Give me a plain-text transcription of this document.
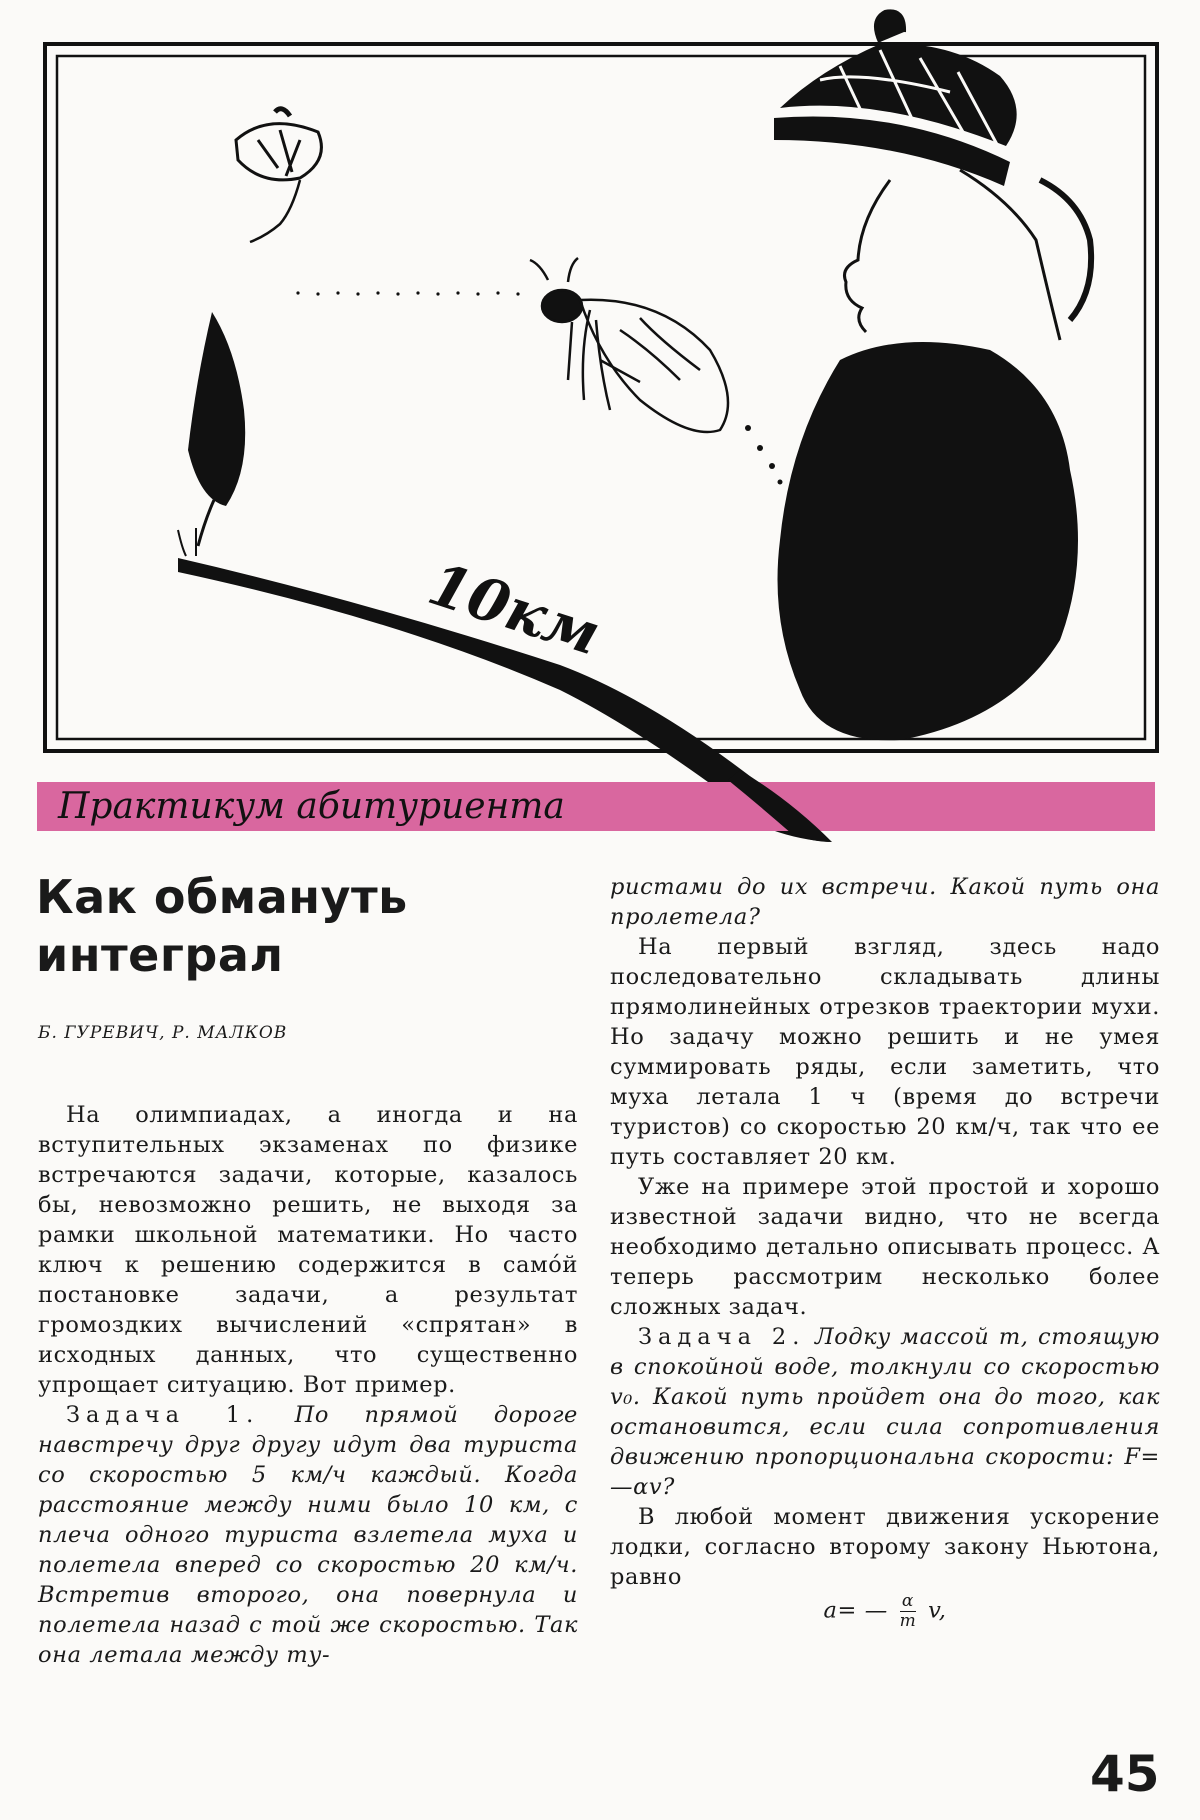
10км
Практикум абитуриента
Как обмануть
интеграл

Б. ГУРЕВИЧ, Р. МАЛКОВ

На олимпиадах, а иногда и на вступительных экзаменах по физике встречаются задачи, которые, казалось бы, невозможно решить, не выходя за рамки школьной математики. Но часто ключ к решению содержится в само́й постановке задачи, а результат громоздких вычислений «спрятан» в исходных данных, что существенно упрощает ситуацию. Вот пример.

Задача 1. По прямой дороге навстречу друг другу идут два туриста со скоростью 5 км/ч каждый. Когда расстояние между ними было 10 км, с плеча одного туриста взлетела муха и полетела вперед со скоростью 20 км/ч. Встретив второго, она повернула и полетела назад с той же скоростью. Так она летала между ту-

ристами до их встречи. Какой путь она пролетела?

На первый взгляд, здесь надо последовательно складывать длины прямолинейных отрезков траектории мухи. Но задачу можно решить и не умея суммировать ряды, если заметить, что муха летала 1 ч (время до встречи туристов) со скоростью 20 км/ч, так что ее путь составляет 20 км.

Уже на примере этой простой и хорошо известной задачи видно, что не всегда необходимо детально описывать процесс. А теперь рассмотрим несколько более сложных задач.

Задача 2. Лодку массой m, стоящую в спокойной воде, толкнули со скоростью v₀. Какой путь пройдет она до того, как остановится, если сила сопротивления движению пропорциональна скорости: F=—αv?

В любой момент движения ускорение лодки, согласно второму закону Ньютона, равно

a= — $\frac{\alpha}{m} v$,

45
